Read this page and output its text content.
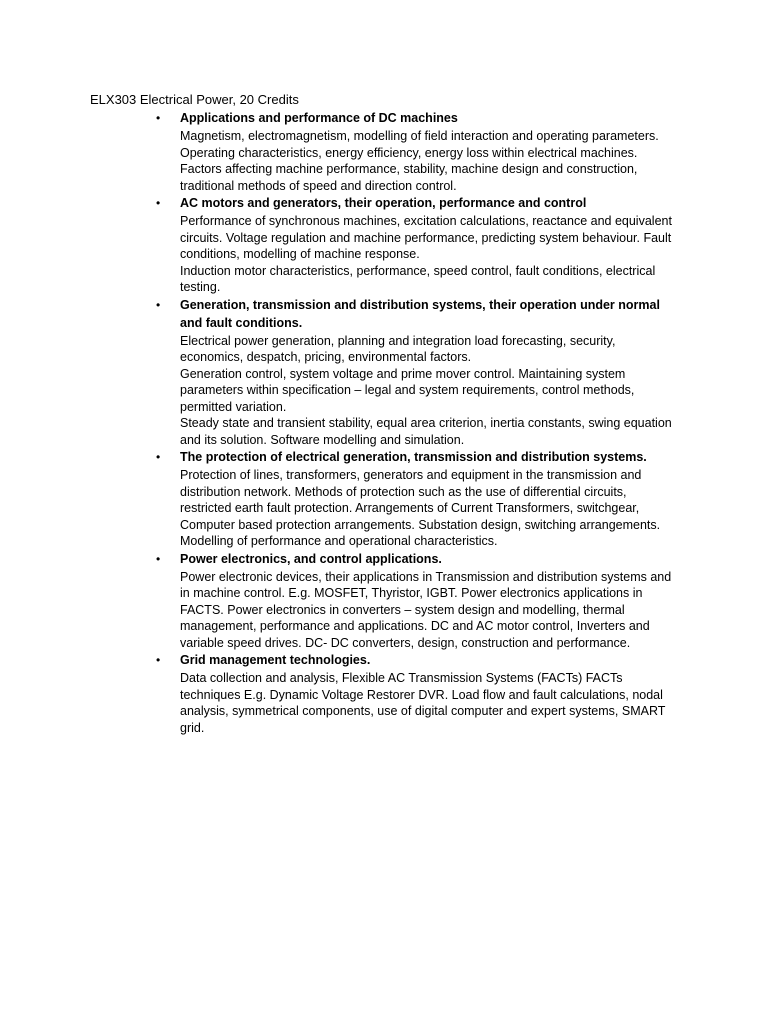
ELX303 Electrical Power, 20 Credits
• Applications and performance of DC machines

Magnetism, electromagnetism, modelling of field interaction and operating parameters. Operating characteristics, energy efficiency, energy loss within electrical machines. Factors affecting machine performance, stability, machine design and construction, traditional methods of speed and direction control.

• AC motors and generators, their operation, performance and control

Performance of synchronous machines, excitation calculations, reactance and equivalent circuits. Voltage regulation and machine performance, predicting system behaviour. Fault conditions, modelling of machine response.

Induction motor characteristics, performance, speed control, fault conditions, electrical testing.

• Generation, transmission and distribution systems, their operation under normal and fault conditions.

Electrical power generation, planning and integration load forecasting, security, economics, despatch, pricing, environmental factors.

Generation control, system voltage and prime mover control. Maintaining system parameters within specification – legal and system requirements, control methods, permitted variation.

Steady state and transient stability, equal area criterion, inertia constants, swing equation and its solution. Software modelling and simulation.

• The protection of electrical generation, transmission and distribution systems.

Protection of lines, transformers, generators and equipment in the transmission and distribution network. Methods of protection such as the use of differential circuits, restricted earth fault protection. Arrangements of Current Transformers, switchgear, Computer based protection arrangements. Substation design, switching arrangements. Modelling of performance and operational characteristics.

• Power electronics, and control applications.

Power electronic devices, their applications in Transmission and distribution systems and in machine control. E.g. MOSFET, Thyristor, IGBT. Power electronics applications in FACTS. Power electronics in converters – system design and modelling, thermal management, performance and applications. DC and AC motor control, Inverters and variable speed drives. DC- DC converters, design, construction and performance.

• Grid management technologies.

Data collection and analysis, Flexible AC Transmission Systems (FACTs) FACTs techniques E.g. Dynamic Voltage Restorer DVR. Load flow and fault calculations, nodal analysis, symmetrical components, use of digital computer and expert systems, SMART grid.
